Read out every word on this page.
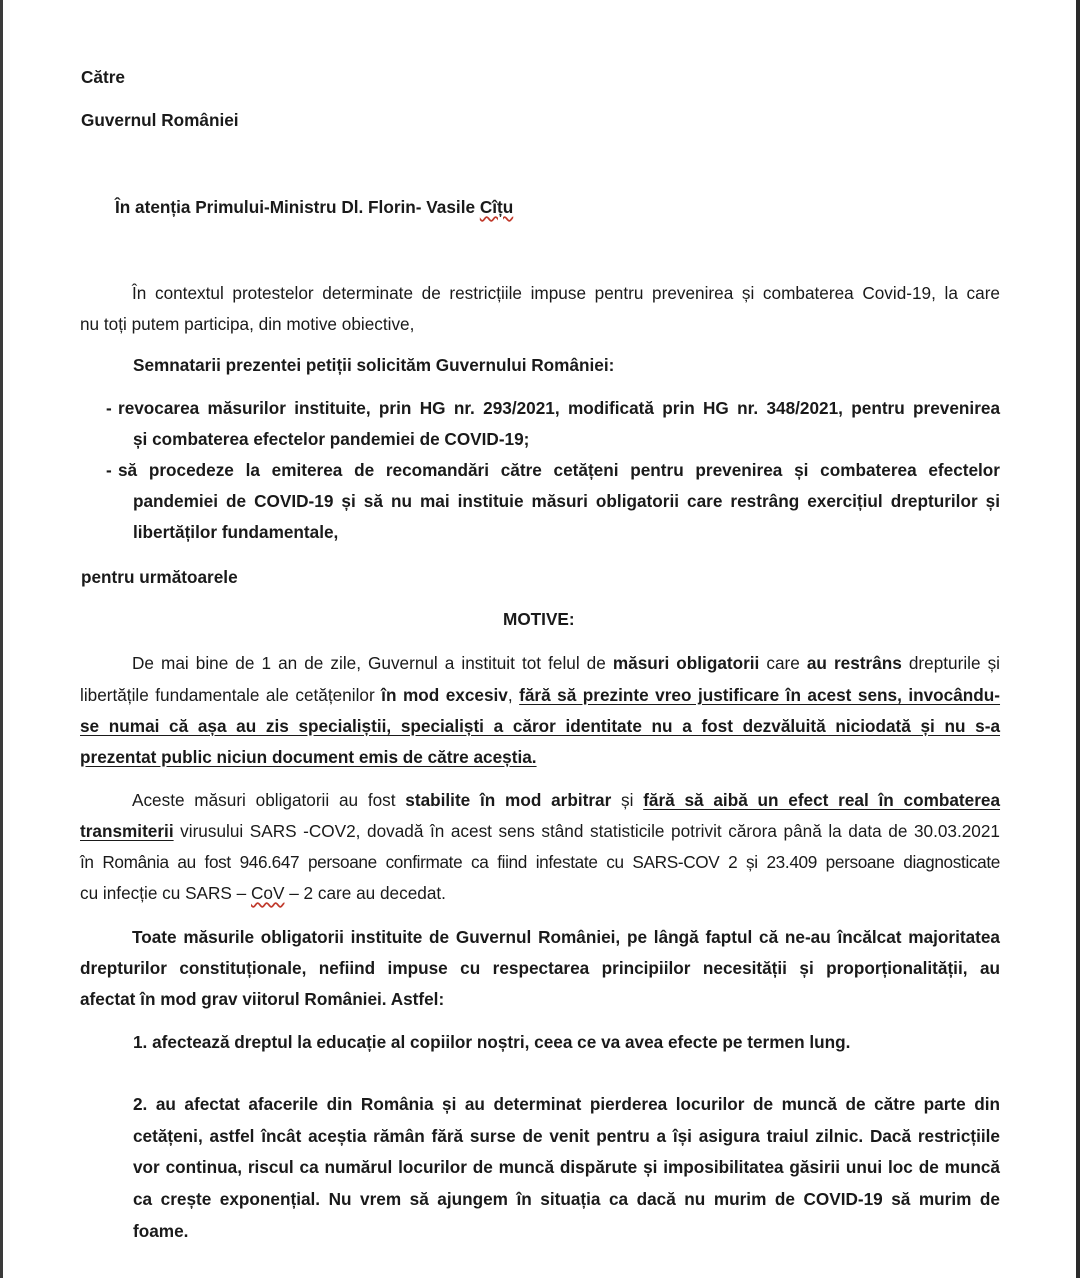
Către
Guvernul României
În atenția Primului-Ministru Dl. Florin- Vasile Cîțu
În contextul protestelor determinate de restricțiile impuse pentru prevenirea și combaterea Covid-19, la care
nu toți putem participa, din motive obiective,
Semnatarii prezentei petiții solicităm Guvernului României:
- revocarea măsurilor instituite, prin HG nr. 293/2021, modificată prin HG nr. 348/2021, pentru prevenirea
și combaterea efectelor pandemiei de COVID-19;
- să procedeze la emiterea de recomandări către cetățeni pentru prevenirea și combaterea efectelor
pandemiei de COVID-19 și să nu mai instituie măsuri obligatorii care restrâng exercițiul drepturilor și
libertăților fundamentale,
pentru următoarele
MOTIVE:
De mai bine de 1 an de zile, Guvernul a instituit tot felul de măsuri obligatorii care au restrâns drepturile și
libertățile fundamentale ale cetățenilor în mod excesiv, fără să prezinte vreo justificare în acest sens, invocându-
se numai că așa au zis specialiștii, specialiști a căror identitate nu a fost dezvăluită niciodată și nu s-a
prezentat public niciun document emis de către aceștia.
Aceste măsuri obligatorii au fost stabilite în mod arbitrar și fără să aibă un efect real în combaterea
transmiterii virusului SARS -COV2, dovadă în acest sens stând statisticile potrivit cărora până la data de 30.03.2021
în România au fost 946.647 persoane confirmate ca fiind infestate cu SARS-COV 2 și 23.409 persoane diagnosticate
cu infecție cu SARS – CoV – 2 care au decedat.
Toate măsurile obligatorii instituite de Guvernul României, pe lângă faptul că ne-au încălcat majoritatea
drepturilor constituționale, nefiind impuse cu respectarea principiilor necesității și proporționalității, au
afectat în mod grav viitorul României. Astfel:
1. afectează dreptul la educație al copiilor noștri, ceea ce va avea efecte pe termen lung.
2. au afectat afacerile din România și au determinat pierderea locurilor de muncă de către parte din
cetățeni, astfel încât aceștia rămân fără surse de venit pentru a își asigura traiul zilnic. Dacă restricțiile
vor continua, riscul ca numărul locurilor de muncă dispărute și imposibilitatea găsirii unui loc de muncă
ca crește exponențial. Nu vrem să ajungem în situația ca dacă nu murim de COVID-19 să murim de
foame.
